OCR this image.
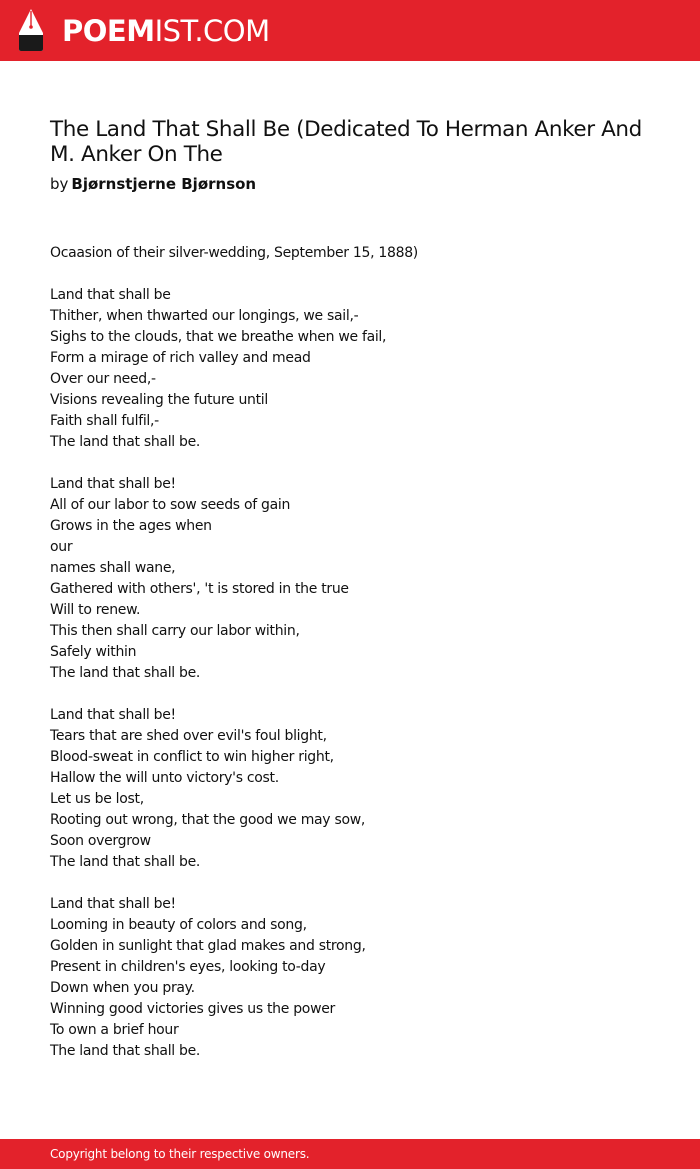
POEMIST.COM
The Land That Shall Be (Dedicated To Herman Anker And M. Anker On The
by Bjørnstjerne Bjørnson
Ocaasion of their silver-wedding, September 15, 1888)

Land that shall be
Thither, when thwarted our longings, we sail,-
Sighs to the clouds, that we breathe when we fail,
Form a mirage of rich valley and mead
Over our need,-
Visions revealing the future until
Faith shall fulfil,-
The land that shall be.

Land that shall be!
All of our labor to sow seeds of gain
Grows in the ages when
our
names shall wane,
Gathered with others', 't is stored in the true
Will to renew.
This then shall carry our labor within,
Safely within
The land that shall be.

Land that shall be!
Tears that are shed over evil's foul blight,
Blood-sweat in conflict to win higher right,
Hallow the will unto victory's cost.
Let us be lost,
Rooting out wrong, that the good we may sow,
Soon overgrow
The land that shall be.

Land that shall be!
Looming in beauty of colors and song,
Golden in sunlight that glad makes and strong,
Present in children's eyes, looking to-day
Down when you pray.
Winning good victories gives us the power
To own a brief hour
The land that shall be.
Copyright belong to their respective owners.
